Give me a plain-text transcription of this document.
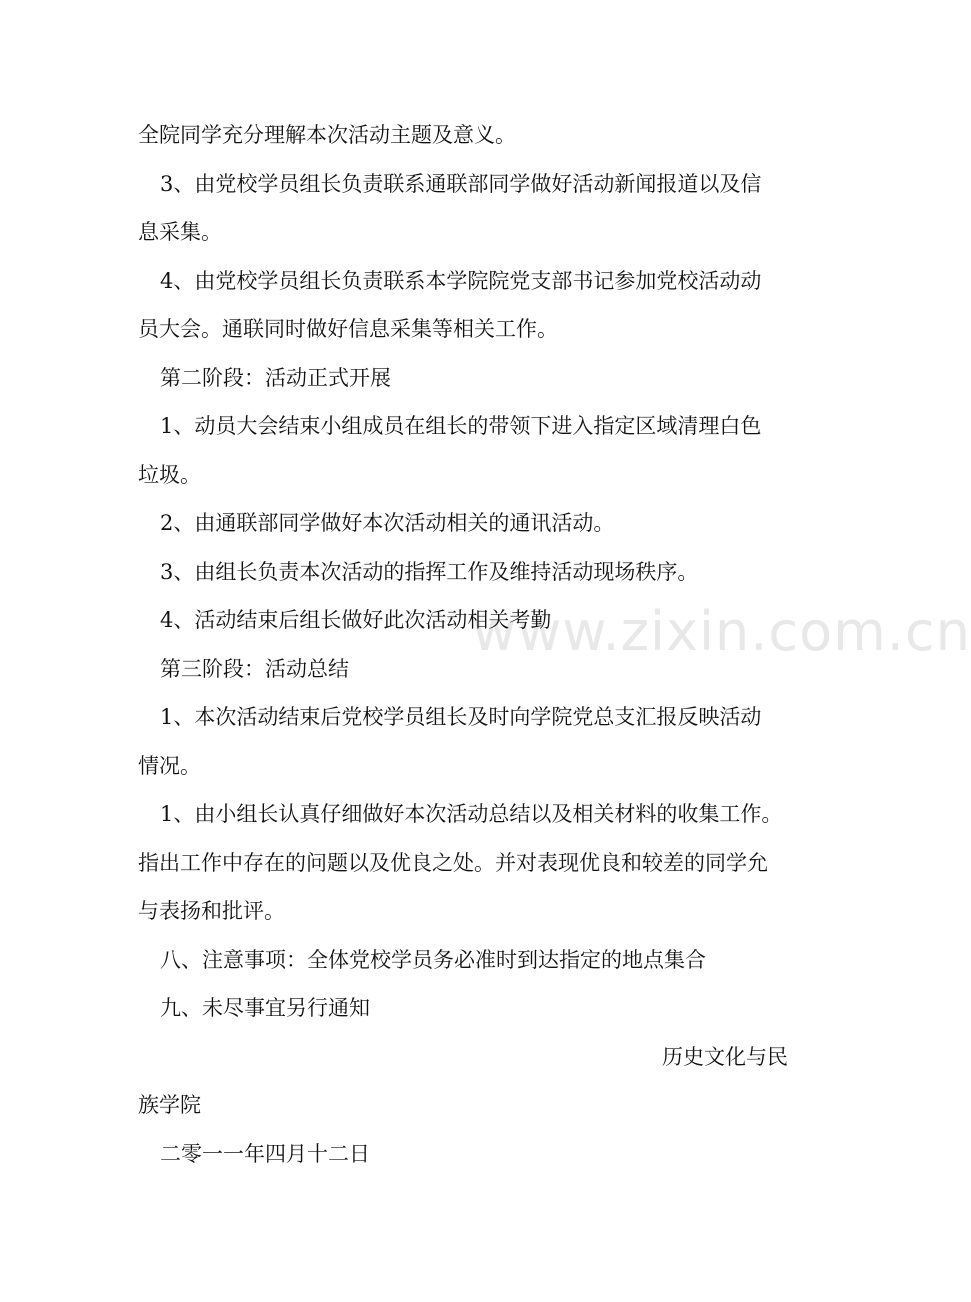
www.zixin.com.cn

全院同学充分理解本次活动主题及意义。

3、由党校学员组长负责联系通联部同学做好活动新闻报道以及信

息采集。

4、由党校学员组长负责联系本学院院党支部书记参加党校活动动

员大会。通联同时做好信息采集等相关工作。

第二阶段：活动正式开展

1、动员大会结束小组成员在组长的带领下进入指定区域清理白色

垃圾。

2、由通联部同学做好本次活动相关的通讯活动。

3、由组长负责本次活动的指挥工作及维持活动现场秩序。

4、活动结束后组长做好此次活动相关考勤

第三阶段：活动总结

1、本次活动结束后党校学员组长及时向学院党总支汇报反映活动

情况。

1、由小组长认真仔细做好本次活动总结以及相关材料的收集工作。

指出工作中存在的问题以及优良之处。并对表现优良和较差的同学允

与表扬和批评。

八、注意事项：全体党校学员务必准时到达指定的地点集合

九、未尽事宜另行通知

历史文化与民

族学院

二零一一年四月十二日
